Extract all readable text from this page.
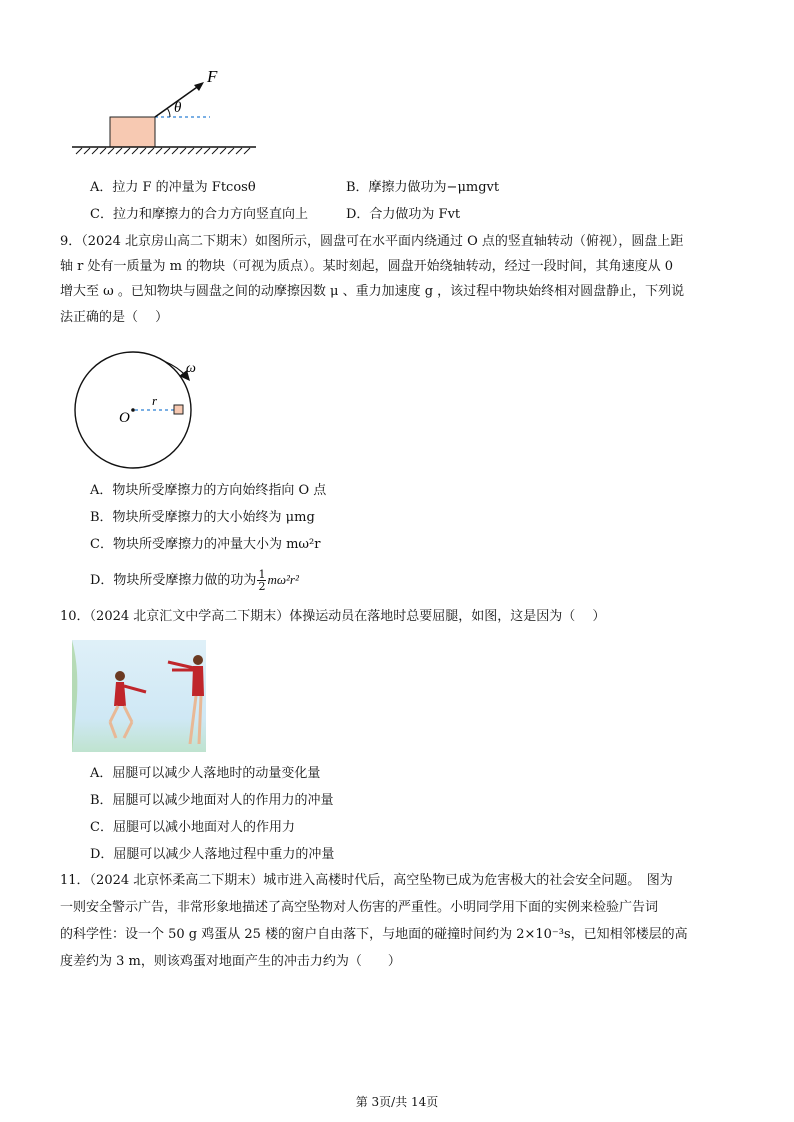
F
θ
A．拉力 F 的冲量为 Ftcosθ	B．摩擦力做功为−μmgvt
C．拉力和摩擦力的合力方向竖直向上	D．合力做功为 Fvt
9．（2024 北京房山高二下期末）如图所示，圆盘可在水平面内绕通过 O 点的竖直轴转动（俯视），圆盘上距
轴 r 处有一质量为 m 的物块（可视为质点）。某时刻起，圆盘开始绕轴转动，经过一段时间，其角速度从 0
增大至 ω 。已知物块与圆盘之间的动摩擦因数 μ 、重力加速度 g ，该过程中物块始终相对圆盘静止，下列说
法正确的是（　 ）
ω
O
r
A．物块所受摩擦力的方向始终指向 O 点
B．物块所受摩擦力的大小始终为 μmg
C．物块所受摩擦力的冲量大小为 mω²r
D．物块所受摩擦力做的功为 $\frac{1}{2} m\omega^2r^2$
10．（2024 北京汇文中学高二下期末）体操运动员在落地时总要屈腿，如图，这是因为（　 ）
A．屈腿可以减少人落地时的动量变化量
B．屈腿可以减少地面对人的作用力的冲量
C．屈腿可以减小地面对人的作用力
D．屈腿可以减少人落地过程中重力的冲量
11．（2024 北京怀柔高二下期末）城市进入高楼时代后，高空坠物已成为危害极大的社会安全问题。　图为
一则安全警示广告，非常形象地描述了高空坠物对人伤害的严重性。小明同学用下面的实例来检验广告词
的科学性：设一个 50 g 鸡蛋从 25 楼的窗户自由落下，与地面的碰撞时间约为 2×10⁻³s，已知相邻楼层的高
度差约为 3 m，则该鸡蛋对地面产生的冲击力约为（　　）
第 3页/共 14页
